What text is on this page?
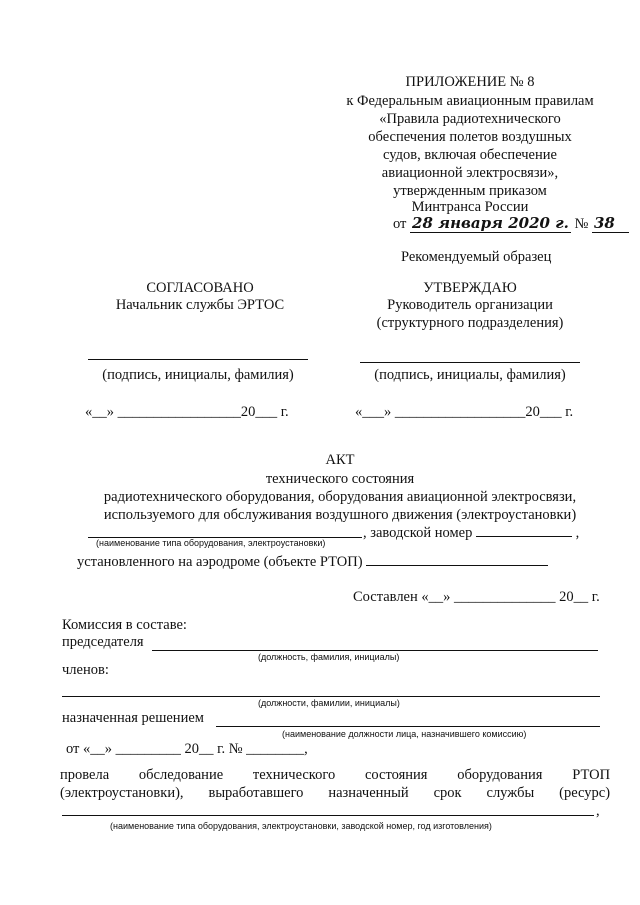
ПРИЛОЖЕНИЕ № 8
к Федеральным авиационным правилам
«Правила радиотехнического
обеспечения полетов воздушных
судов, включая обеспечение
авиационной электросвязи»,
утвержденным приказом
Минтранса России
от 28 января 2020 г. № 38
Рекомендуемый образец
СОГЛАСОВАНО
Начальник службы ЭРТОС
(подпись, инициалы, фамилия)
«__» _________________20___ г.
УТВЕРЖДАЮ
Руководитель организации
(структурного подразделения)
(подпись, инициалы, фамилия)
«___» __________________20___ г.
АКТ
технического состояния
радиотехнического оборудования, оборудования авиационной электросвязи,
используемого для обслуживания воздушного движения (электроустановки)
, заводской номер	,
(наименование типа оборудования, электроустановки)
установленного на аэродроме (объекте РТОП)
Составлен «__» ______________ 20__ г.
Комиссия в составе:
председателя
(должность, фамилия, инициалы)
членов:
(должности, фамилии, инициалы)
назначенная решением
(наименование должности лица, назначившего комиссию)
от «__» _________ 20__ г. № ________,
провела обследование технического состояния оборудования РТОП
(электроустановки), выработавшего назначенный срок службы (ресурс)
,
(наименование типа оборудования, электроустановки, заводской номер, год изготовления)
